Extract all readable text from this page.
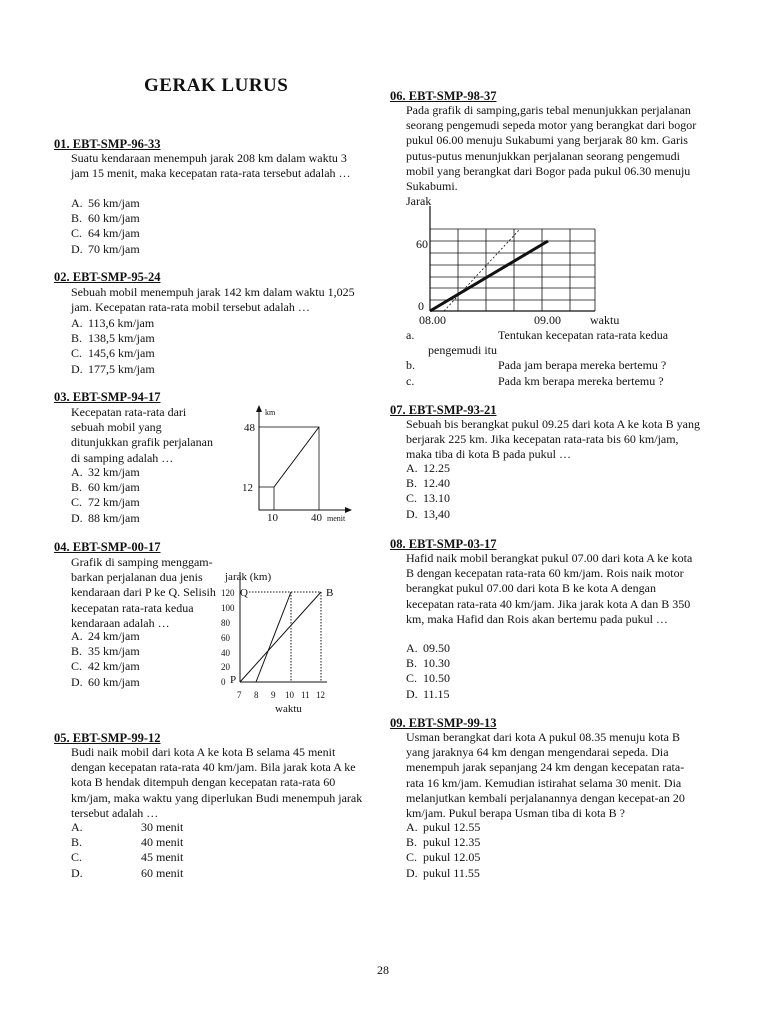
GERAK LURUS
01. EBT-SMP-96-33
Suatu kendaraan menempuh jarak 208 km dalam waktu 3 jam 15 menit, maka kecepatan rata-rata tersebut adalah …
A. 56 km/jam
B. 60 km/jam
C. 64 km/jam
D. 70 km/jam
02. EBT-SMP-95-24
Sebuah mobil menempuh jarak 142 km dalam waktu 1,025 jam. Kecepatan rata-rata mobil tersebut adalah …
A. 113,6 km/jam
B. 138,5 km/jam
C. 145,6 km/jam
D. 177,5 km/jam
03. EBT-SMP-94-17
Kecepatan rata-rata dari sebuah mobil yang ditunjukkan grafik perjalanan di samping adalah …
A. 32 km/jam
B. 60 km/jam
C. 72 km/jam
D. 88 km/jam
km
48
12
10	40 menit
04. EBT-SMP-00-17
Grafik di samping menggam-barkan perjalanan dua jenis kendaraan dari P ke Q. Selisih kecepatan rata-rata kedua kendaraan adalah …
A. 24 km/jam
B. 35 km/jam
C. 42 km/jam
D. 60 km/jam
jarak (km)
120
100
80
60
40
20
0
Q
P
B
7 8 9 10 11 12
waktu
05. EBT-SMP-99-12
Budi naik mobil dari kota A ke kota B selama 45 menit dengan kecepatan rata-rata 40 km/jam. Bila jarak kota A ke kota B hendak ditempuh dengan kecepatan rata-rata 60 km/jam, maka waktu yang diperlukan Budi menempuh jarak tersebut adalah …
A.	30 menit
B.	40 menit
C.	45 menit
D.	60 menit
06. EBT-SMP-98-37
Pada grafik di samping,garis tebal menunjukkan perjalanan seorang pengemudi sepeda motor yang berangkat dari bogor pukul 06.00 menuju Sukabumi yang berjarak 80 km. Garis putus-putus menunjukkan perjalanan seorang pengemudi mobil yang berangkat dari Bogor pada pukul 06.30 menuju Sukabumi.
Jarak
60
0
08.00	09.00 waktu
a.	Tentukan kecepatan rata-rata kedua
pengemudi itu
b.	Pada jam berapa mereka bertemu ?
c.	Pada km berapa mereka bertemu ?
07. EBT-SMP-93-21
Sebuah bis berangkat pukul 09.25 dari kota A ke kota B yang berjarak 225 km. Jika kecepatan rata-rata bis 60 km/jam, maka tiba di kota B pada pukul …
A. 12.25
B. 12.40
C. 13.10
D. 13,40
08. EBT-SMP-03-17
Hafid naik mobil berangkat pukul 07.00 dari kota A ke kota B dengan kecepatan rata-rata 60 km/jam. Rois naik motor berangkat pukul 07.00 dari kota B ke kota A dengan kecepatan rata-rata 40 km/jam. Jika jarak kota A dan B 350 km, maka Hafid dan Rois akan bertemu pada pukul …
A. 09.50
B. 10.30
C. 10.50
D. 11.15
09. EBT-SMP-99-13
Usman berangkat dari kota A pukul 08.35 menuju kota B yang jaraknya 64 km dengan mengendarai sepeda. Dia menempuh jarak sepanjang 24 km dengan kecepatan rata-rata 16 km/jam. Kemudian istirahat selama 30 menit. Dia melanjutkan kembali perjalanannya dengan kecepat-an 20 km/jam. Pukul berapa Usman tiba di kota B ?
A. pukul 12.55
B. pukul 12.35
C. pukul 12.05
D. pukul 11.55
28
